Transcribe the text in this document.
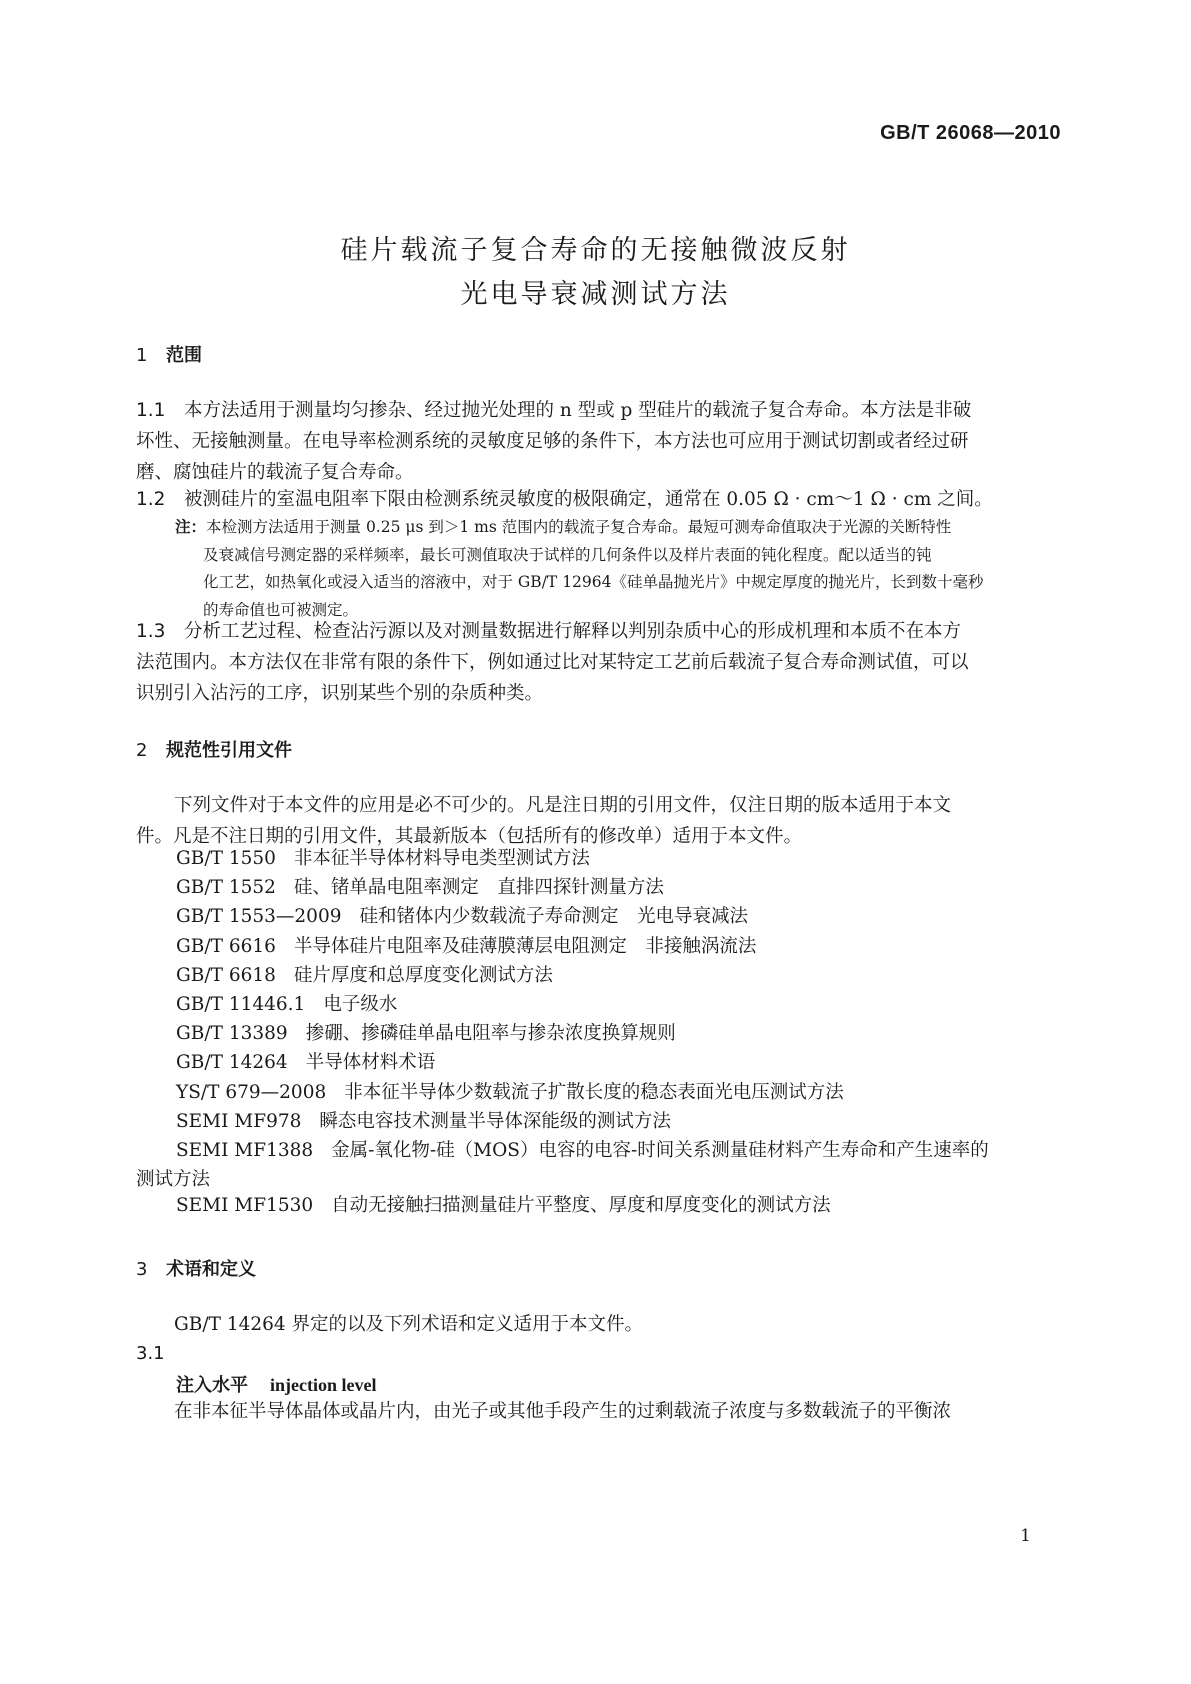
GB/T 26068—2010
硅片载流子复合寿命的无接触微波反射
光电导衰减测试方法
1 范围
1.1 本方法适用于测量均匀掺杂、经过抛光处理的 n 型或 p 型硅片的载流子复合寿命。本方法是非破
坏性、无接触测量。在电导率检测系统的灵敏度足够的条件下，本方法也可应用于测试切割或者经过研
磨、腐蚀硅片的载流子复合寿命。
1.2 被测硅片的室温电阻率下限由检测系统灵敏度的极限确定，通常在 0.05 Ω · cm～1 Ω · cm 之间。
注：本检测方法适用于测量 0.25 μs 到＞1 ms 范围内的载流子复合寿命。最短可测寿命值取决于光源的关断特性
及衰减信号测定器的采样频率，最长可测值取决于试样的几何条件以及样片表面的钝化程度。配以适当的钝
化工艺，如热氧化或浸入适当的溶液中，对于 GB/T 12964《硅单晶抛光片》中规定厚度的抛光片，长到数十毫秒
的寿命值也可被测定。
1.3 分析工艺过程、检查沾污源以及对测量数据进行解释以判别杂质中心的形成机理和本质不在本方
法范围内。本方法仅在非常有限的条件下，例如通过比对某特定工艺前后载流子复合寿命测试值，可以
识别引入沾污的工序，识别某些个别的杂质种类。
2 规范性引用文件
下列文件对于本文件的应用是必不可少的。凡是注日期的引用文件，仅注日期的版本适用于本文
件。凡是不注日期的引用文件，其最新版本（包括所有的修改单）适用于本文件。
GB/T 1550 非本征半导体材料导电类型测试方法
GB/T 1552 硅、锗单晶电阻率测定　直排四探针测量方法
GB/T 1553—2009 硅和锗体内少数载流子寿命测定　光电导衰减法
GB/T 6616 半导体硅片电阻率及硅薄膜薄层电阻测定　非接触涡流法
GB/T 6618 硅片厚度和总厚度变化测试方法
GB/T 11446.1 电子级水
GB/T 13389 掺硼、掺磷硅单晶电阻率与掺杂浓度换算规则
GB/T 14264 半导体材料术语
YS/T 679—2008 非本征半导体少数载流子扩散长度的稳态表面光电压测试方法
SEMI MF978 瞬态电容技术测量半导体深能级的测试方法
SEMI MF1388 金属-氧化物-硅（MOS）电容的电容-时间关系测量硅材料产生寿命和产生速率的
测试方法
SEMI MF1530 自动无接触扫描测量硅片平整度、厚度和厚度变化的测试方法
3 术语和定义
GB/T 14264 界定的以及下列术语和定义适用于本文件。
3.1
注入水平 injection level
在非本征半导体晶体或晶片内，由光子或其他手段产生的过剩载流子浓度与多数载流子的平衡浓
1
